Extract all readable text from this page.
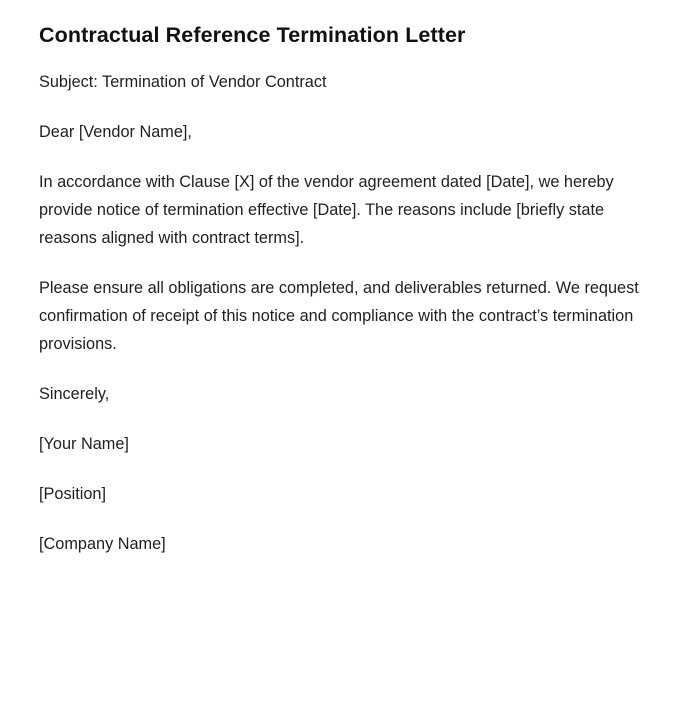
Contractual Reference Termination Letter

Subject: Termination of Vendor Contract

Dear [Vendor Name],

In accordance with Clause [X] of the vendor agreement dated [Date], we hereby provide notice of termination effective [Date]. The reasons include [briefly state reasons aligned with contract terms].

Please ensure all obligations are completed, and deliverables returned. We request confirmation of receipt of this notice and compliance with the contract’s termination provisions.

Sincerely,

[Your Name]

[Position]

[Company Name]
